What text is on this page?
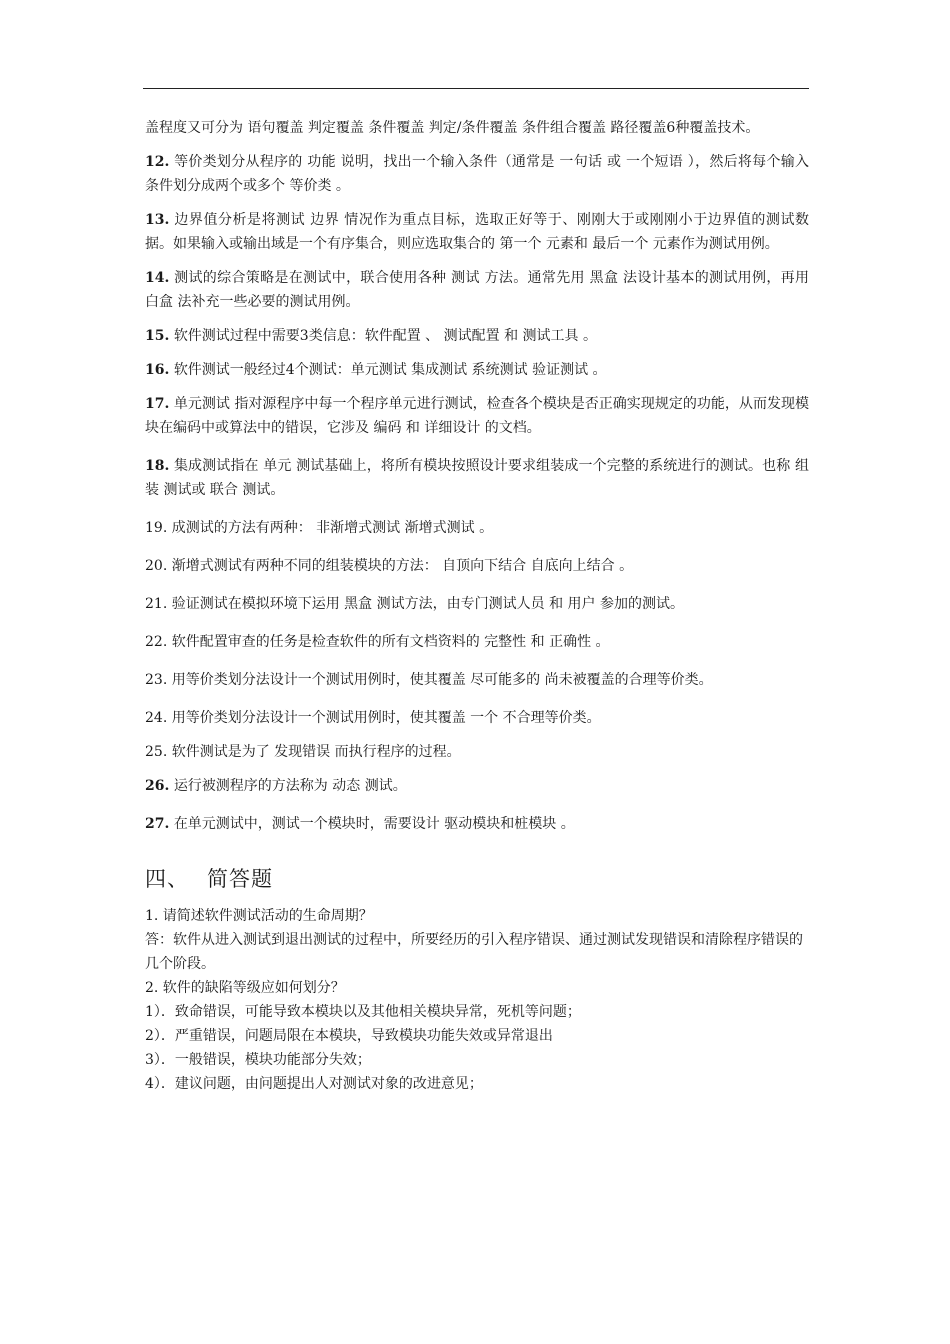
盖程度又可分为 语句覆盖 判定覆盖 条件覆盖 判定/条件覆盖 条件组合覆盖 路径覆盖6种覆盖技术。

12. 等价类划分从程序的 功能 说明，找出一个输入条件（通常是 一句话 或 一个短语 ），然后将每个输入条件划分成两个或多个 等价类 。

13. 边界值分析是将测试 边界 情况作为重点目标，选取正好等于、刚刚大于或刚刚小于边界值的测试数据。如果输入或输出域是一个有序集合，则应选取集合的 第一个 元素和 最后一个 元素作为测试用例。

14. 测试的综合策略是在测试中，联合使用各种 测试 方法。通常先用 黑盒 法设计基本的测试用例，再用 白盒 法补充一些必要的测试用例。

15. 软件测试过程中需要3类信息：软件配置 、 测试配置 和 测试工具 。

16. 软件测试一般经过4个测试：单元测试 集成测试 系统测试 验证测试 。

17. 单元测试 指对源程序中每一个程序单元进行测试，检查各个模块是否正确实现规定的功能，从而发现模块在编码中或算法中的错误，它涉及 编码 和 详细设计 的文档。

18. 集成测试指在 单元 测试基础上，将所有模块按照设计要求组装成一个完整的系统进行的测试。也称 组装 测试或 联合 测试。

19. 成测试的方法有两种： 非渐增式测试 渐增式测试 。

20. 渐增式测试有两种不同的组装模块的方法： 自顶向下结合 自底向上结合 。

21. 验证测试在模拟环境下运用 黑盒 测试方法，由专门测试人员 和 用户 参加的测试。

22. 软件配置审查的任务是检查软件的所有文档资料的 完整性 和 正确性 。

23. 用等价类划分法设计一个测试用例时，使其覆盖 尽可能多的 尚未被覆盖的合理等价类。

24. 用等价类划分法设计一个测试用例时，使其覆盖 一个 不合理等价类。

25. 软件测试是为了 发现错误 而执行程序的过程。

26. 运行被测程序的方法称为 动态 测试。

27. 在单元测试中，测试一个模块时，需要设计 驱动模块和桩模块 。

四、 简答题

1. 请简述软件测试活动的生命周期？

答：软件从进入测试到退出测试的过程中，所要经历的引入程序错误、通过测试发现错误和清除程序错误的几个阶段。

2. 软件的缺陷等级应如何划分？

1）．致命错误，可能导致本模块以及其他相关模块异常，死机等问题；

2）．严重错误，问题局限在本模块，导致模块功能失效或异常退出

3）．一般错误，模块功能部分失效；

4）．建议问题，由问题提出人对测试对象的改进意见；
